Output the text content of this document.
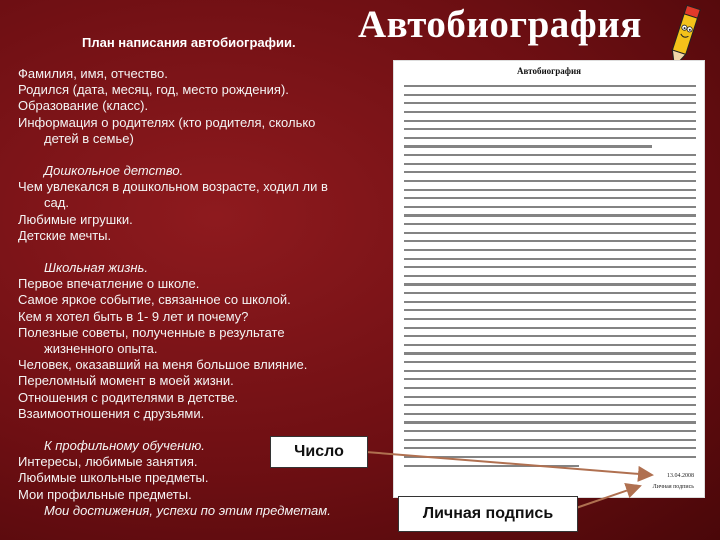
План написания автобиографии. Автобиография
Фамилия, имя, отчество.
Родился (дата, месяц, год, место рождения).
Образование (класс).
Информация о родителях (кто родителя, сколько
детей в семье)
Дошкольное детство.
Чем увлекался в дошкольном возрасте, ходил ли в
сад.
Любимые игрушки.
Детские мечты.
Школьная жизнь.
Первое впечатление о школе.
Самое яркое событие, связанное со школой.
Кем я хотел быть в 1- 9 лет и почему?
Полезные советы, полученные в результате
жизненного опыта.
Человек, оказавший на меня большое влияние.
Переломный момент в моей жизни.
Отношения с родителями в детстве.
Взаимоотношения с друзьями.
К профильному обучению.
Интересы, любимые занятия.
Любимые школьные предметы.
Мои профильные предметы.
Мои достижения, успехи по этим предметам.
Автобиография
13.04.2008
Личная подпись
Число
Личная подпись
